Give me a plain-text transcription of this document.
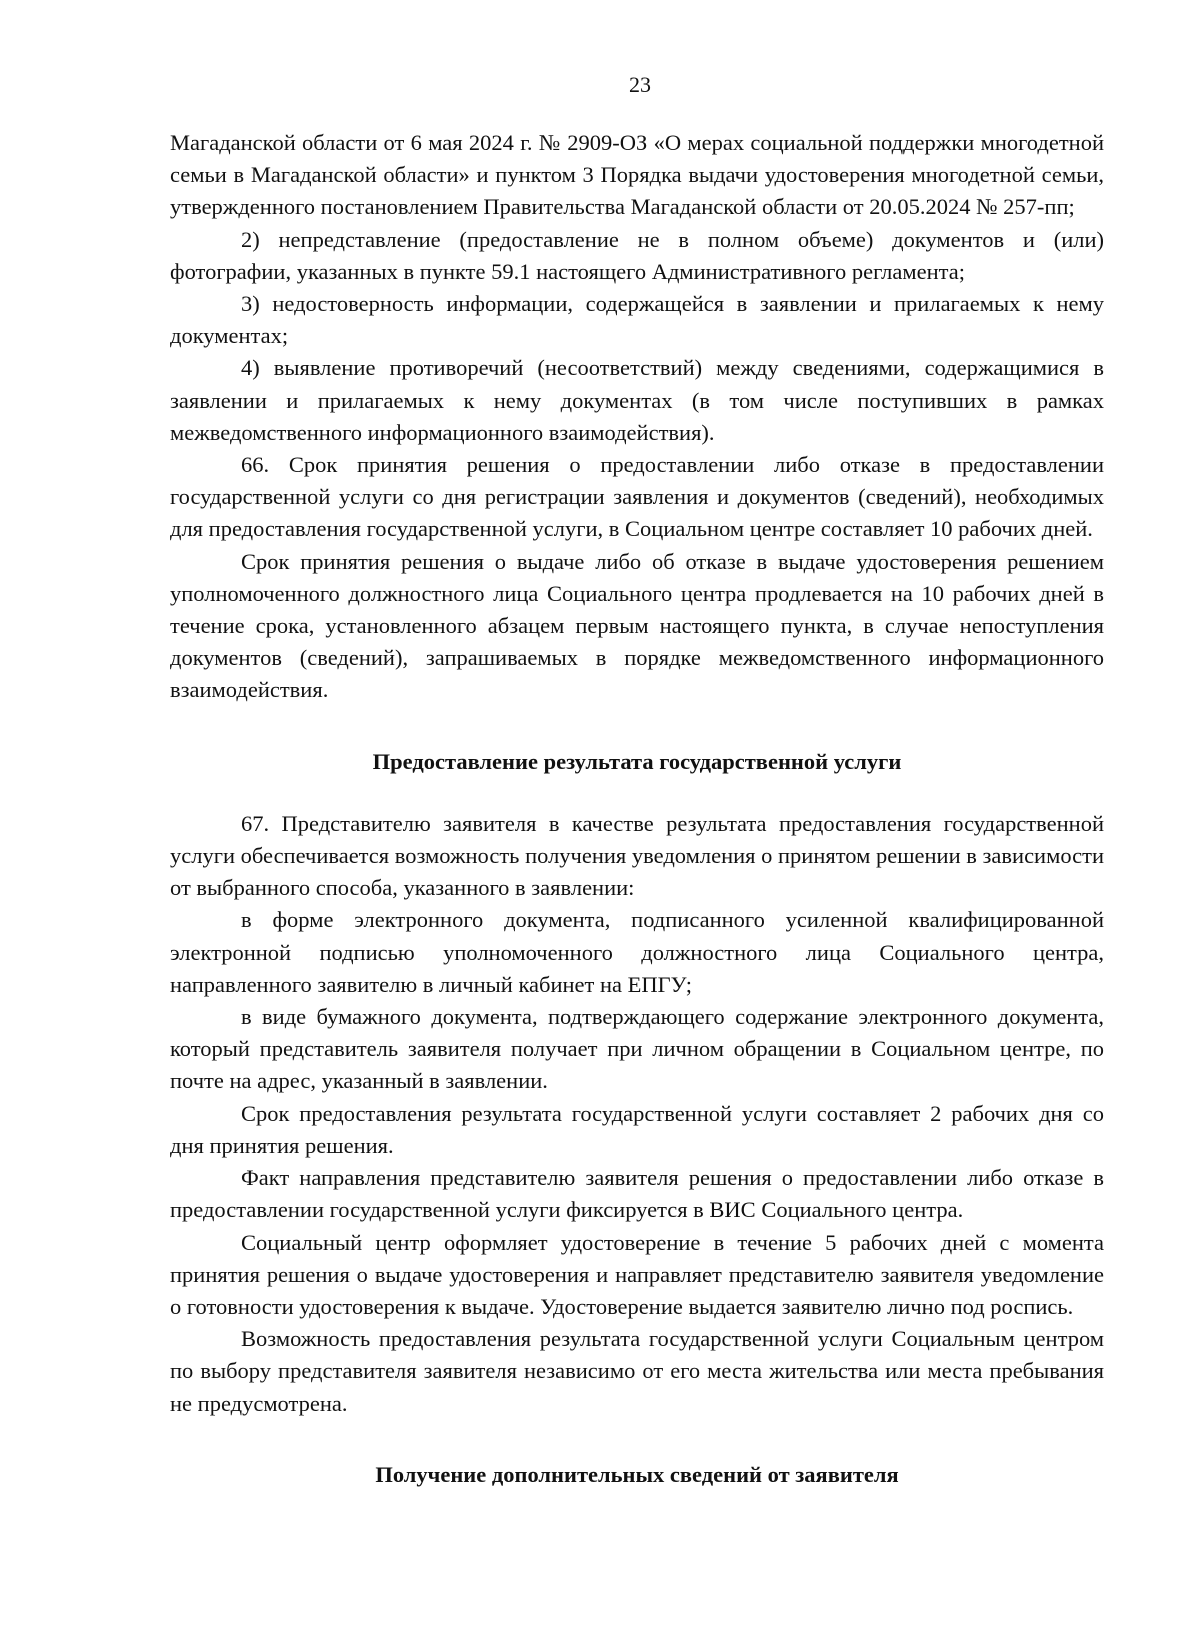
23

Магаданской области от 6 мая 2024 г. № 2909-ОЗ «О мерах социальной поддержки многодетной семьи в Магаданской области» и пунктом 3 Порядка выдачи удостоверения многодетной семьи, утвержденного постановлением Правительства Магаданской области от 20.05.2024 № 257-пп;

2) непредставление (предоставление не в полном объеме) документов и (или) фотографии, указанных в пункте 59.1 настоящего Административного регламента;

3) недостоверность информации, содержащейся в заявлении и прилагаемых к нему документах;

4) выявление противоречий (несоответствий) между сведениями, содержащимися в заявлении и прилагаемых к нему документах (в том числе поступивших в рамках межведомственного информационного взаимодействия).

66. Срок принятия решения о предоставлении либо отказе в предоставлении государственной услуги со дня регистрации заявления и документов (сведений), необходимых для предоставления государственной услуги, в Социальном центре составляет 10 рабочих дней.

Срок принятия решения о выдаче либо об отказе в выдаче удостоверения решением уполномоченного должностного лица Социального центра продлевается на 10 рабочих дней в течение срока, установленного абзацем первым настоящего пункта, в случае непоступления документов (сведений), запрашиваемых в порядке межведомственного информационного взаимодействия.

Предоставление результата государственной услуги

67. Представителю заявителя в качестве результата предоставления государственной услуги обеспечивается возможность получения уведомления о принятом решении в зависимости от выбранного способа, указанного в заявлении:

в форме электронного документа, подписанного усиленной квалифицированной электронной подписью уполномоченного должностного лица Социального центра, направленного заявителю в личный кабинет на ЕПГУ;

в виде бумажного документа, подтверждающего содержание электронного документа, который представитель заявителя получает при личном обращении в Социальном центре, по почте на адрес, указанный в заявлении.

Срок предоставления результата государственной услуги составляет 2 рабочих дня со дня принятия решения.

Факт направления представителю заявителя решения о предоставлении либо отказе в предоставлении государственной услуги фиксируется в ВИС Социального центра.

Социальный центр оформляет удостоверение в течение 5 рабочих дней с момента принятия решения о выдаче удостоверения и направляет представителю заявителя уведомление о готовности удостоверения к выдаче. Удостоверение выдается заявителю лично под роспись.

Возможность предоставления результата государственной услуги Социальным центром по выбору представителя заявителя независимо от его места жительства или места пребывания не предусмотрена.

Получение дополнительных сведений от заявителя
